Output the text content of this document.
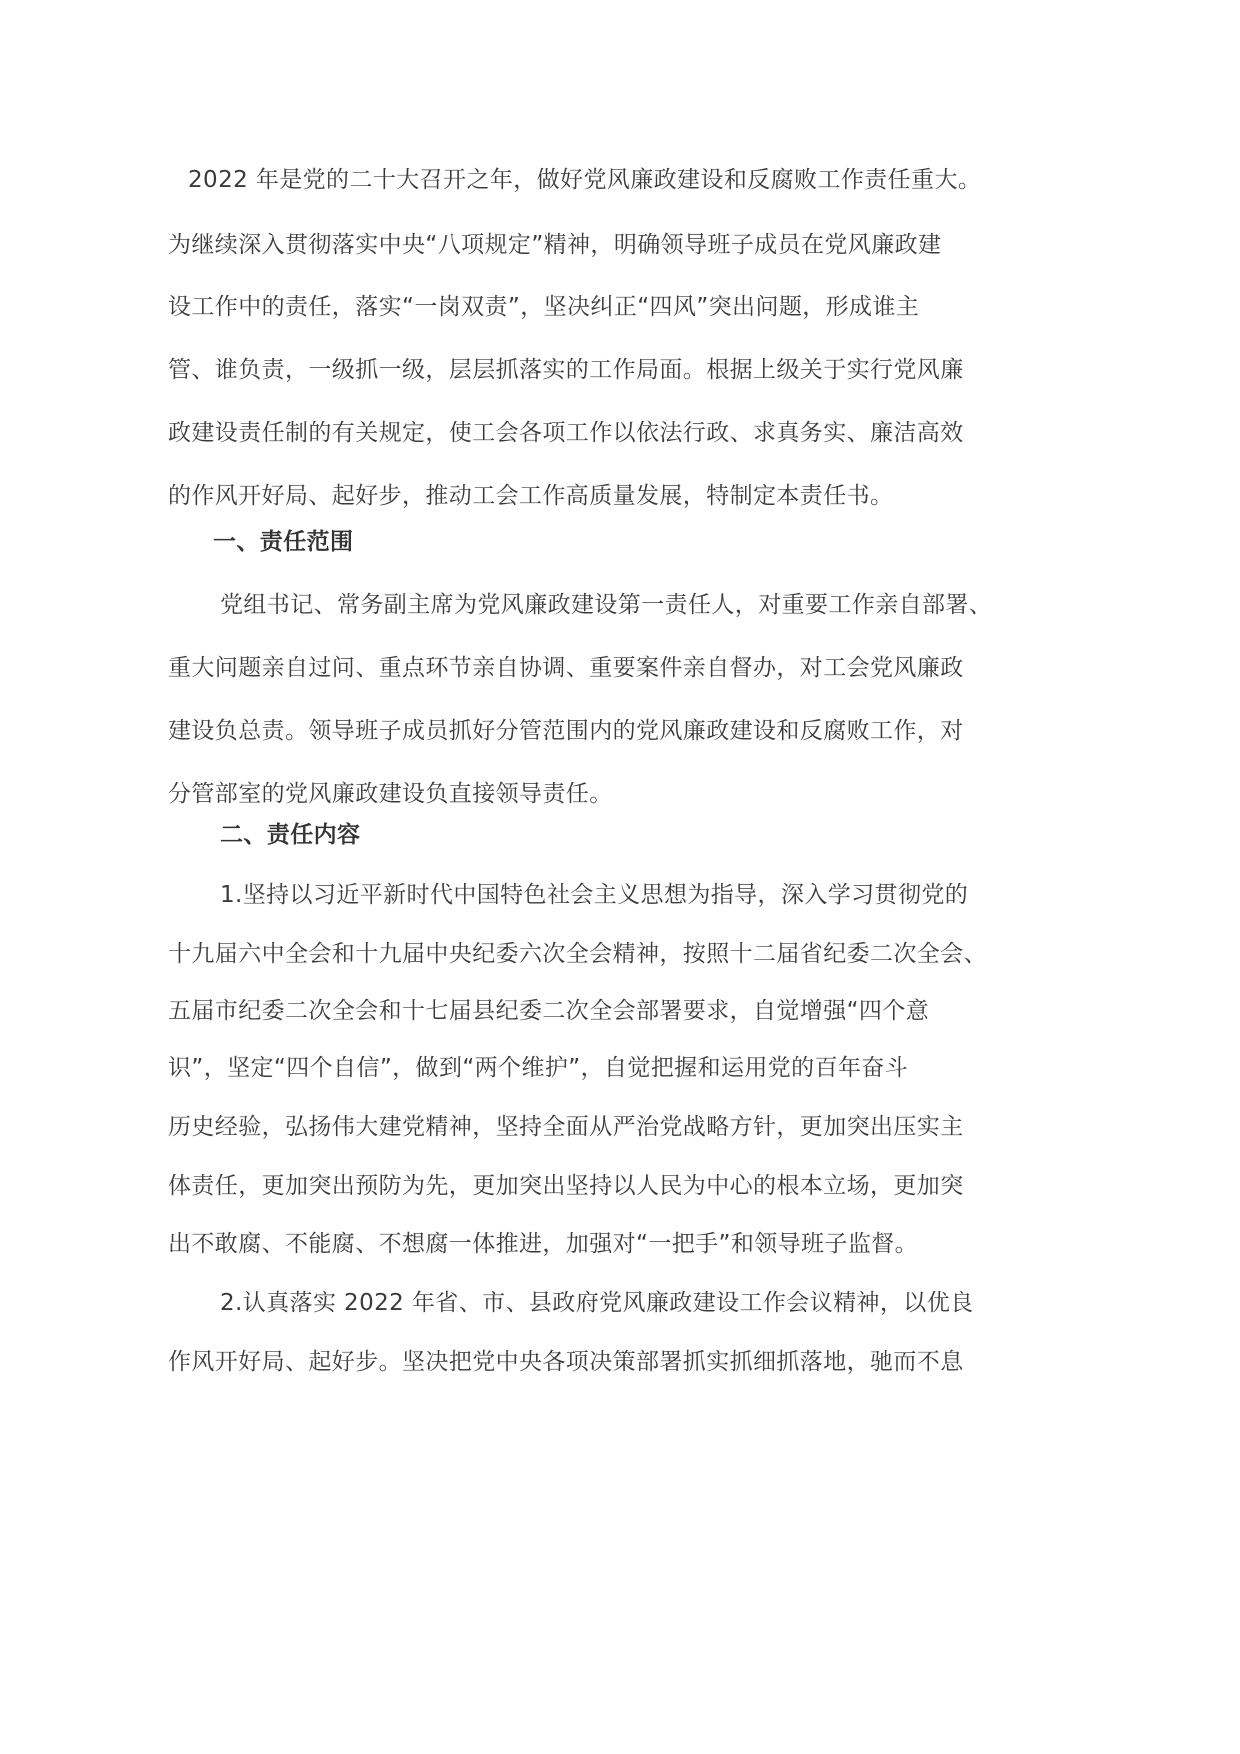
2022 年是党的二十大召开之年，做好党风廉政建设和反腐败工作责任重大。
为继续深入贯彻落实中央“八项规定”精神，明确领导班子成员在党风廉政建
设工作中的责任，落实“一岗双责”，坚决纠正“四风”突出问题，形成谁主
管、谁负责，一级抓一级，层层抓落实的工作局面。根据上级关于实行党风廉
政建设责任制的有关规定，使工会各项工作以依法行政、求真务实、廉洁高效
的作风开好局、起好步，推动工会工作高质量发展，特制定本责任书。
一、责任范围
党组书记、常务副主席为党风廉政建设第一责任人，对重要工作亲自部署、
重大问题亲自过问、重点环节亲自协调、重要案件亲自督办，对工会党风廉政
建设负总责。领导班子成员抓好分管范围内的党风廉政建设和反腐败工作，对
分管部室的党风廉政建设负直接领导责任。
二、责任内容
1.坚持以习近平新时代中国特色社会主义思想为指导，深入学习贯彻党的
十九届六中全会和十九届中央纪委六次全会精神，按照十二届省纪委二次全会、
五届市纪委二次全会和十七届县纪委二次全会部署要求，自觉增强“四个意
识”，坚定“四个自信”，做到“两个维护”，自觉把握和运用党的百年奋斗
历史经验，弘扬伟大建党精神，坚持全面从严治党战略方针，更加突出压实主
体责任，更加突出预防为先，更加突出坚持以人民为中心的根本立场，更加突
出不敢腐、不能腐、不想腐一体推进，加强对“一把手”和领导班子监督。
2.认真落实 2022 年省、市、县政府党风廉政建设工作会议精神，以优良
作风开好局、起好步。坚决把党中央各项决策部署抓实抓细抓落地，驰而不息
